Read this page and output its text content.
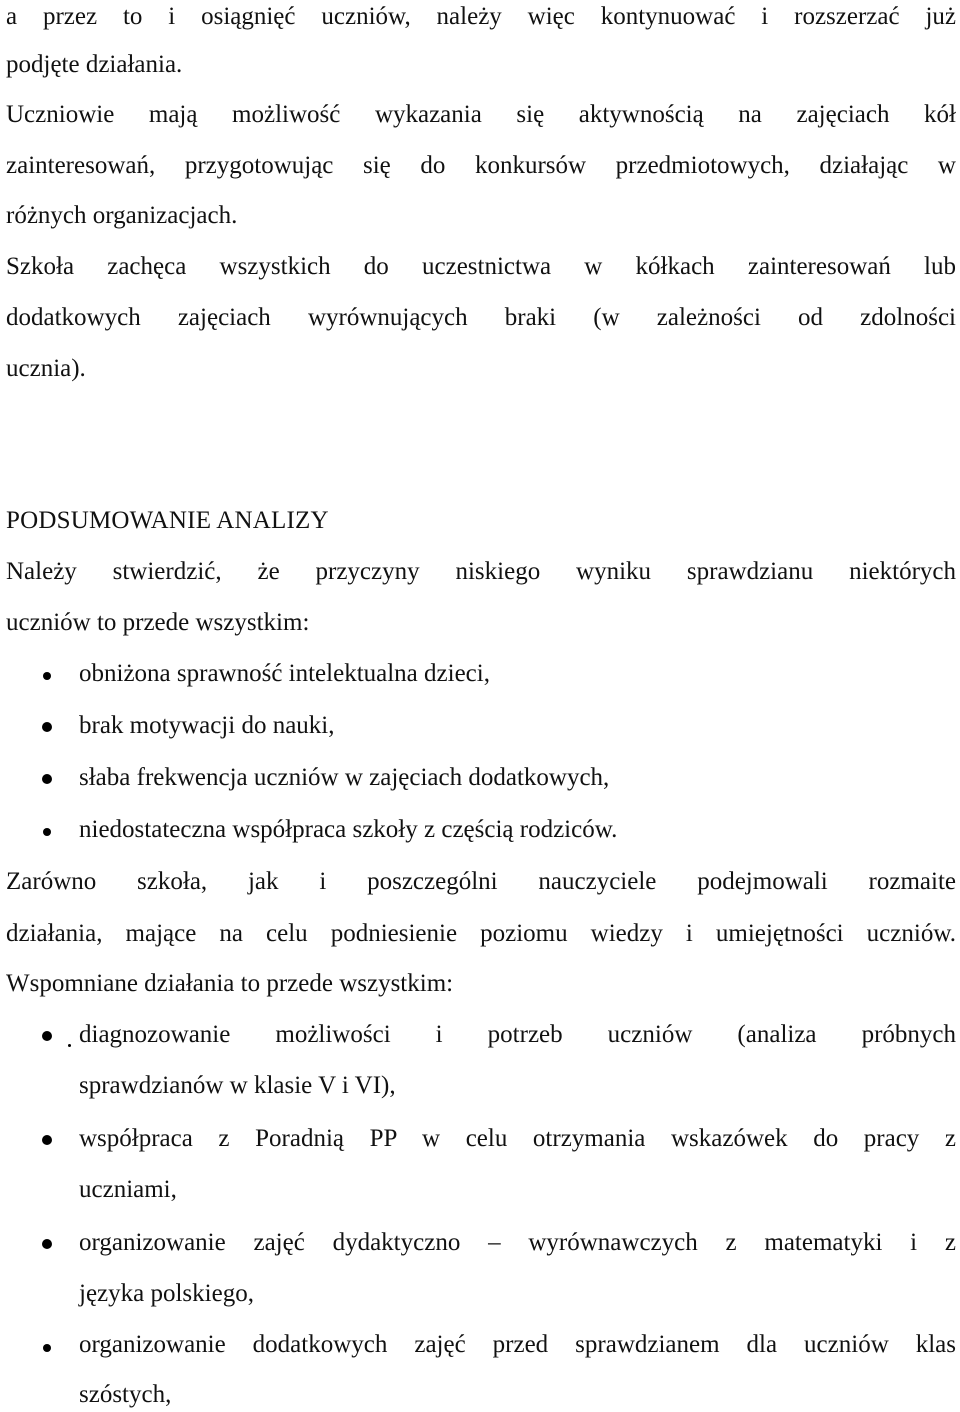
a przez to i osiągnięć uczniów, należy więc kontynuować i rozszerzać już
podjęte działania.
Uczniowie mają możliwość wykazania się aktywnością na zajęciach kół
zainteresowań, przygotowując się do konkursów przedmiotowych, działając w
różnych organizacjach.
Szkoła zachęca wszystkich do uczestnictwa w kółkach zainteresowań lub
dodatkowych zajęciach wyrównujących braki (w zależności od zdolności
ucznia).
PODSUMOWANIE ANALIZY
Należy stwierdzić, że przyczyny niskiego wyniku sprawdzianu niektórych
uczniów to przede wszystkim:
obniżona sprawność intelektualna dzieci,
brak motywacji do nauki,
słaba frekwencja uczniów w zajęciach dodatkowych,
niedostateczna współpraca szkoły z częścią rodziców.
Zarówno szkoła, jak i poszczególni nauczyciele podejmowali rozmaite
działania, mające na celu podniesienie poziomu wiedzy i umiejętności uczniów.
Wspomniane działania to przede wszystkim:
diagnozowanie możliwości i potrzeb uczniów (analiza próbnych
sprawdzianów w klasie V i VI),
współpraca z Poradnią PP w celu otrzymania wskazówek do pracy z
uczniami,
organizowanie zajęć dydaktyczno – wyrównawczych z matematyki i z
języka polskiego,
organizowanie dodatkowych zajęć przed sprawdzianem dla uczniów klas
szóstych,
